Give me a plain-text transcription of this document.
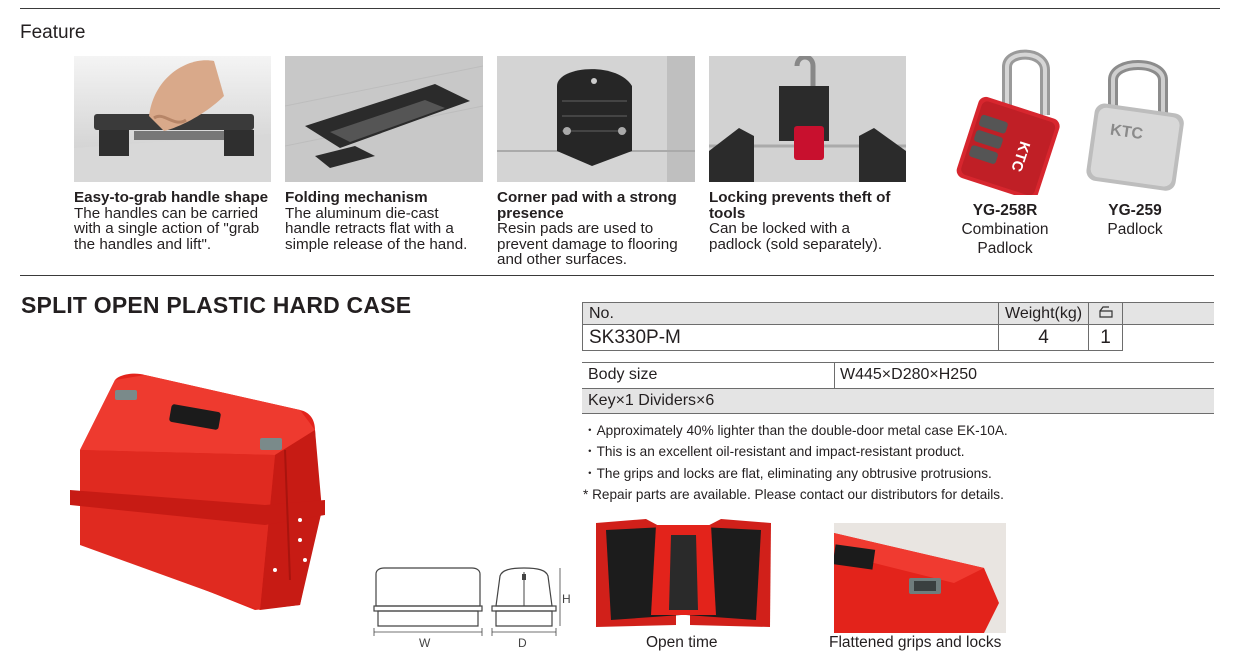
Feature
Easy-to-grab handle shape
The handles can be carried
with a single action of "grab
the handles and lift".
Folding mechanism
The aluminum die-cast
handle retracts flat with a
simple release of the hand.
Corner pad with a strong
presence
Resin pads are used to
prevent damage to flooring
and other surfaces.
Locking prevents theft of
tools
Can be locked with a
padlock (sold separately).
KTC
KTC
YG-258R
Combination
Padlock
YG-259
Padlock
SPLIT OPEN PLASTIC HARD CASE	No.	Weight(kg)		
SK330P-M	4	1	
Body size	W445×D280×H250
Key×1 Dividers×6
・Approximately 40% lighter than the double-door metal case EK-10A.
・This is an excellent oil-resistant and impact-resistant product.
・The grips and locks are flat, eliminating any obtrusive protrusions.
* Repair parts are available. Please contact our distributors for details.
W	D
H
Open time	Flattened grips and locks
